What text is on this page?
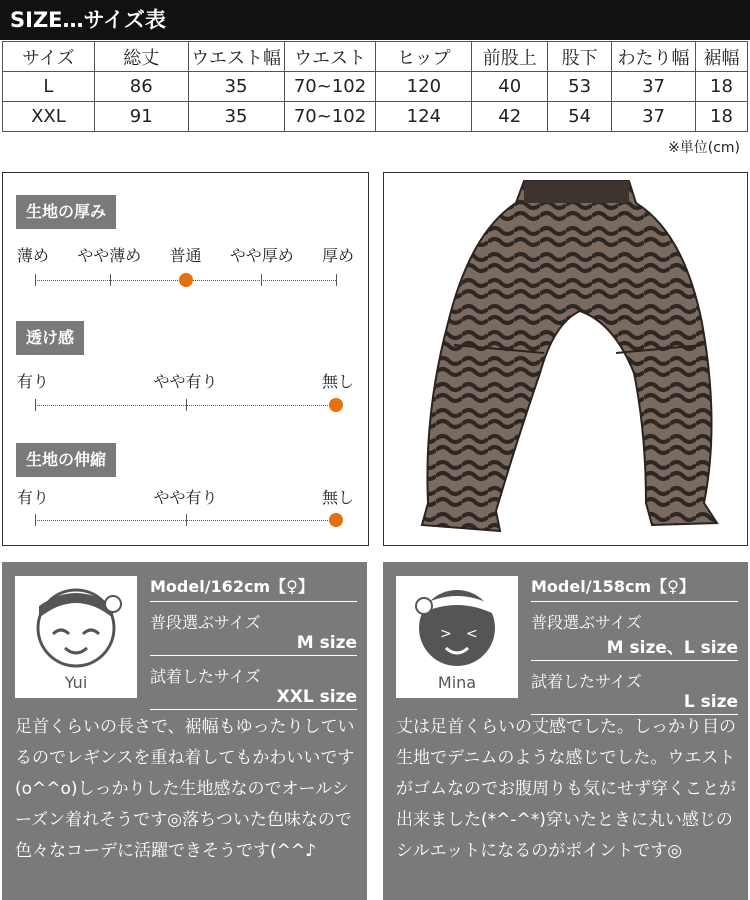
SIZE…サイズ表
サイズ	総丈	ウエスト幅	ウエスト	ヒップ	前股上	股下	わたり幅	裾幅
L	86	35	70~102	120	40	53	37	18
XXL	91	35	70~102	124	42	54	37	18
※単位(cm)
生地の厚み
薄め やや薄め 普通 やや厚め 厚め
透け感
有り	やや有り	無し
生地の伸縮
有り	やや有り	無し
Yui
Model/162cm【♀】
普段選ぶサイズ
M size
試着したサイズ
XXL size
足首くらいの長さで、裾幅もゆったりしているのでレギンスを重ね着してもかわいいです(o^^o)しっかりした生地感なのでオールシーズン着れそうです◎落ちついた色味なので色々なコーデに活躍できそうです(^^♪
> <
Mina
Model/158cm【♀】
普段選ぶサイズ
M size、L size
試着したサイズ
L size
丈は足首くらいの丈感でした。しっかり目の生地でデニムのような感じでした。ウエストがゴムなのでお腹周りも気にせず穿くことが出来ました(*^-^*)穿いたときに丸い感じのシルエットになるのがポイントです◎
